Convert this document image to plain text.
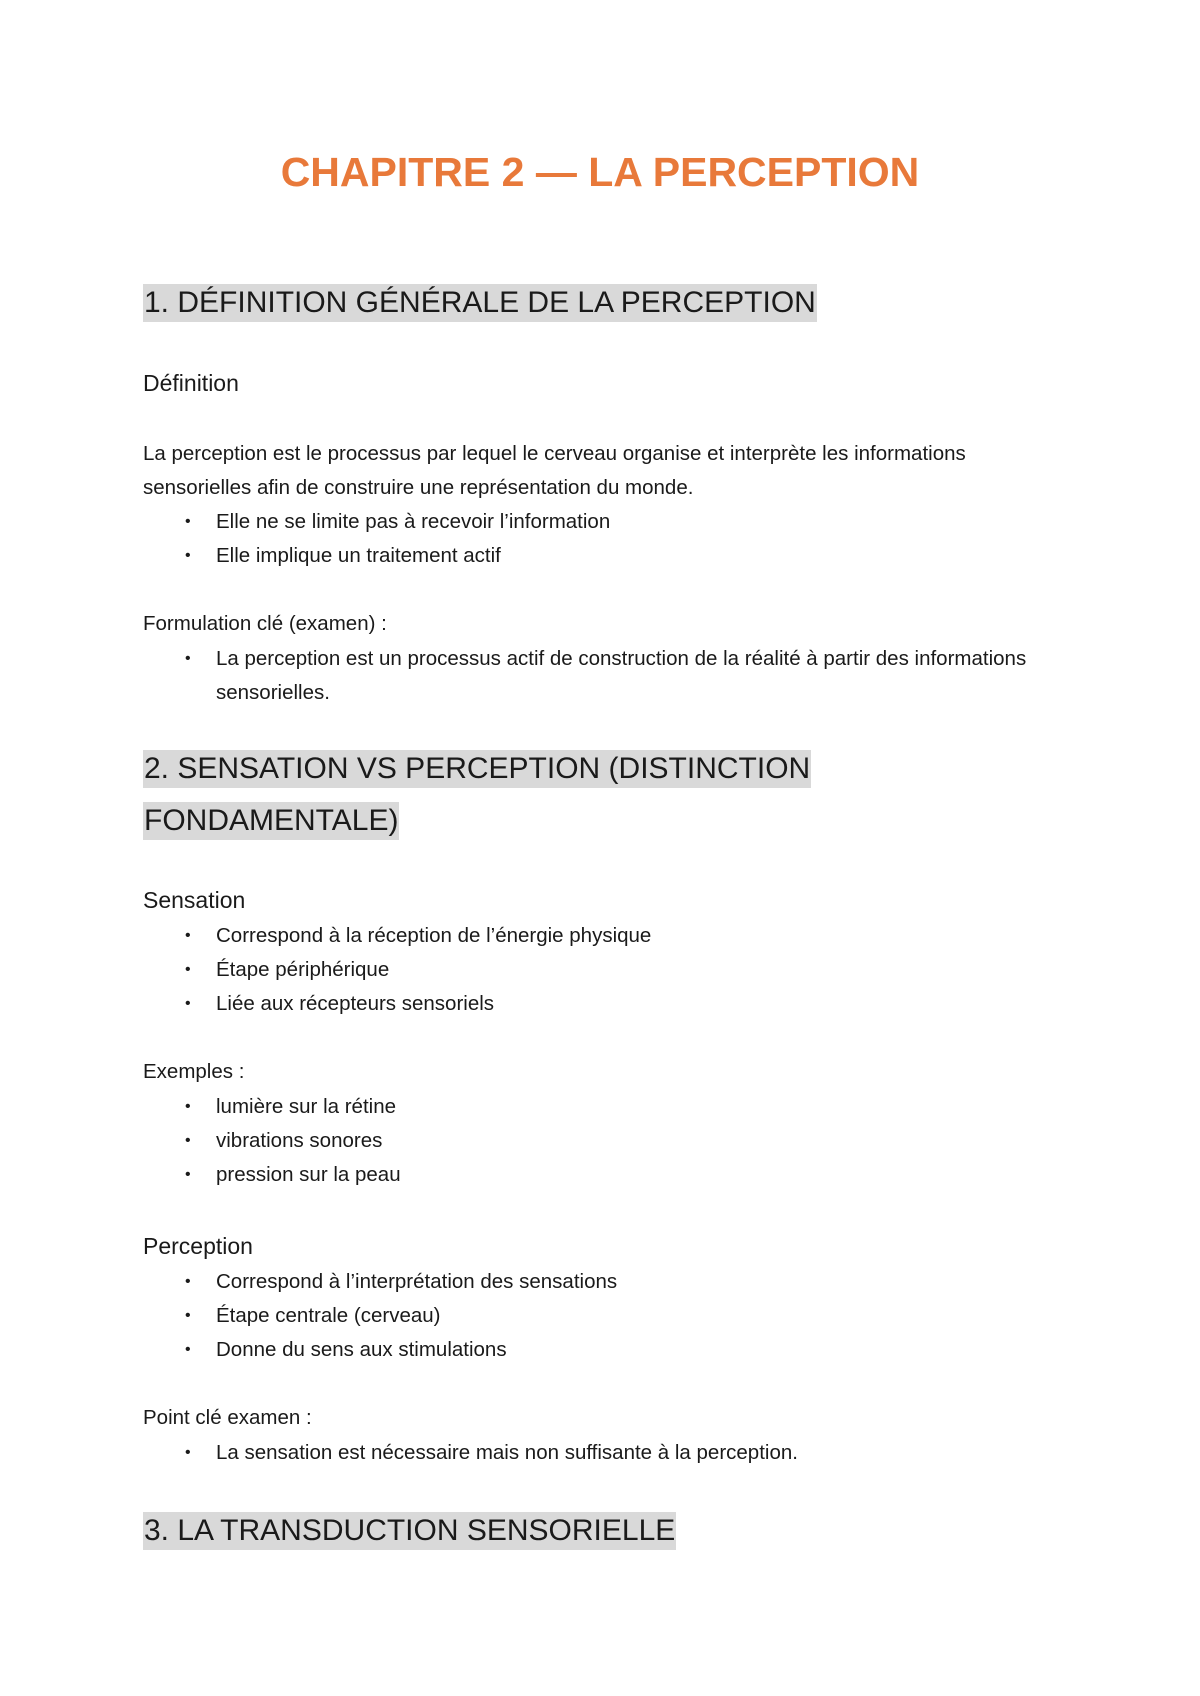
CHAPITRE 2 — LA PERCEPTION
1. DÉFINITION GÉNÉRALE DE LA PERCEPTION

Définition

La perception est le processus par lequel le cerveau organise et interprète les informations sensorielles afin de construire une représentation du monde.

• Elle ne se limite pas à recevoir l’information
• Elle implique un traitement actif

Formulation clé (examen) :

• La perception est un processus actif de construction de la réalité à partir des informations sensorielles.
2. SENSATION VS PERCEPTION (DISTINCTION FONDAMENTALE)

Sensation

• Correspond à la réception de l’énergie physique
• Étape périphérique
• Liée aux récepteurs sensoriels

Exemples :

• lumière sur la rétine
• vibrations sonores
• pression sur la peau

Perception

• Correspond à l’interprétation des sensations
• Étape centrale (cerveau)
• Donne du sens aux stimulations

Point clé examen :

• La sensation est nécessaire mais non suffisante à la perception.
3. LA TRANSDUCTION SENSORIELLE
